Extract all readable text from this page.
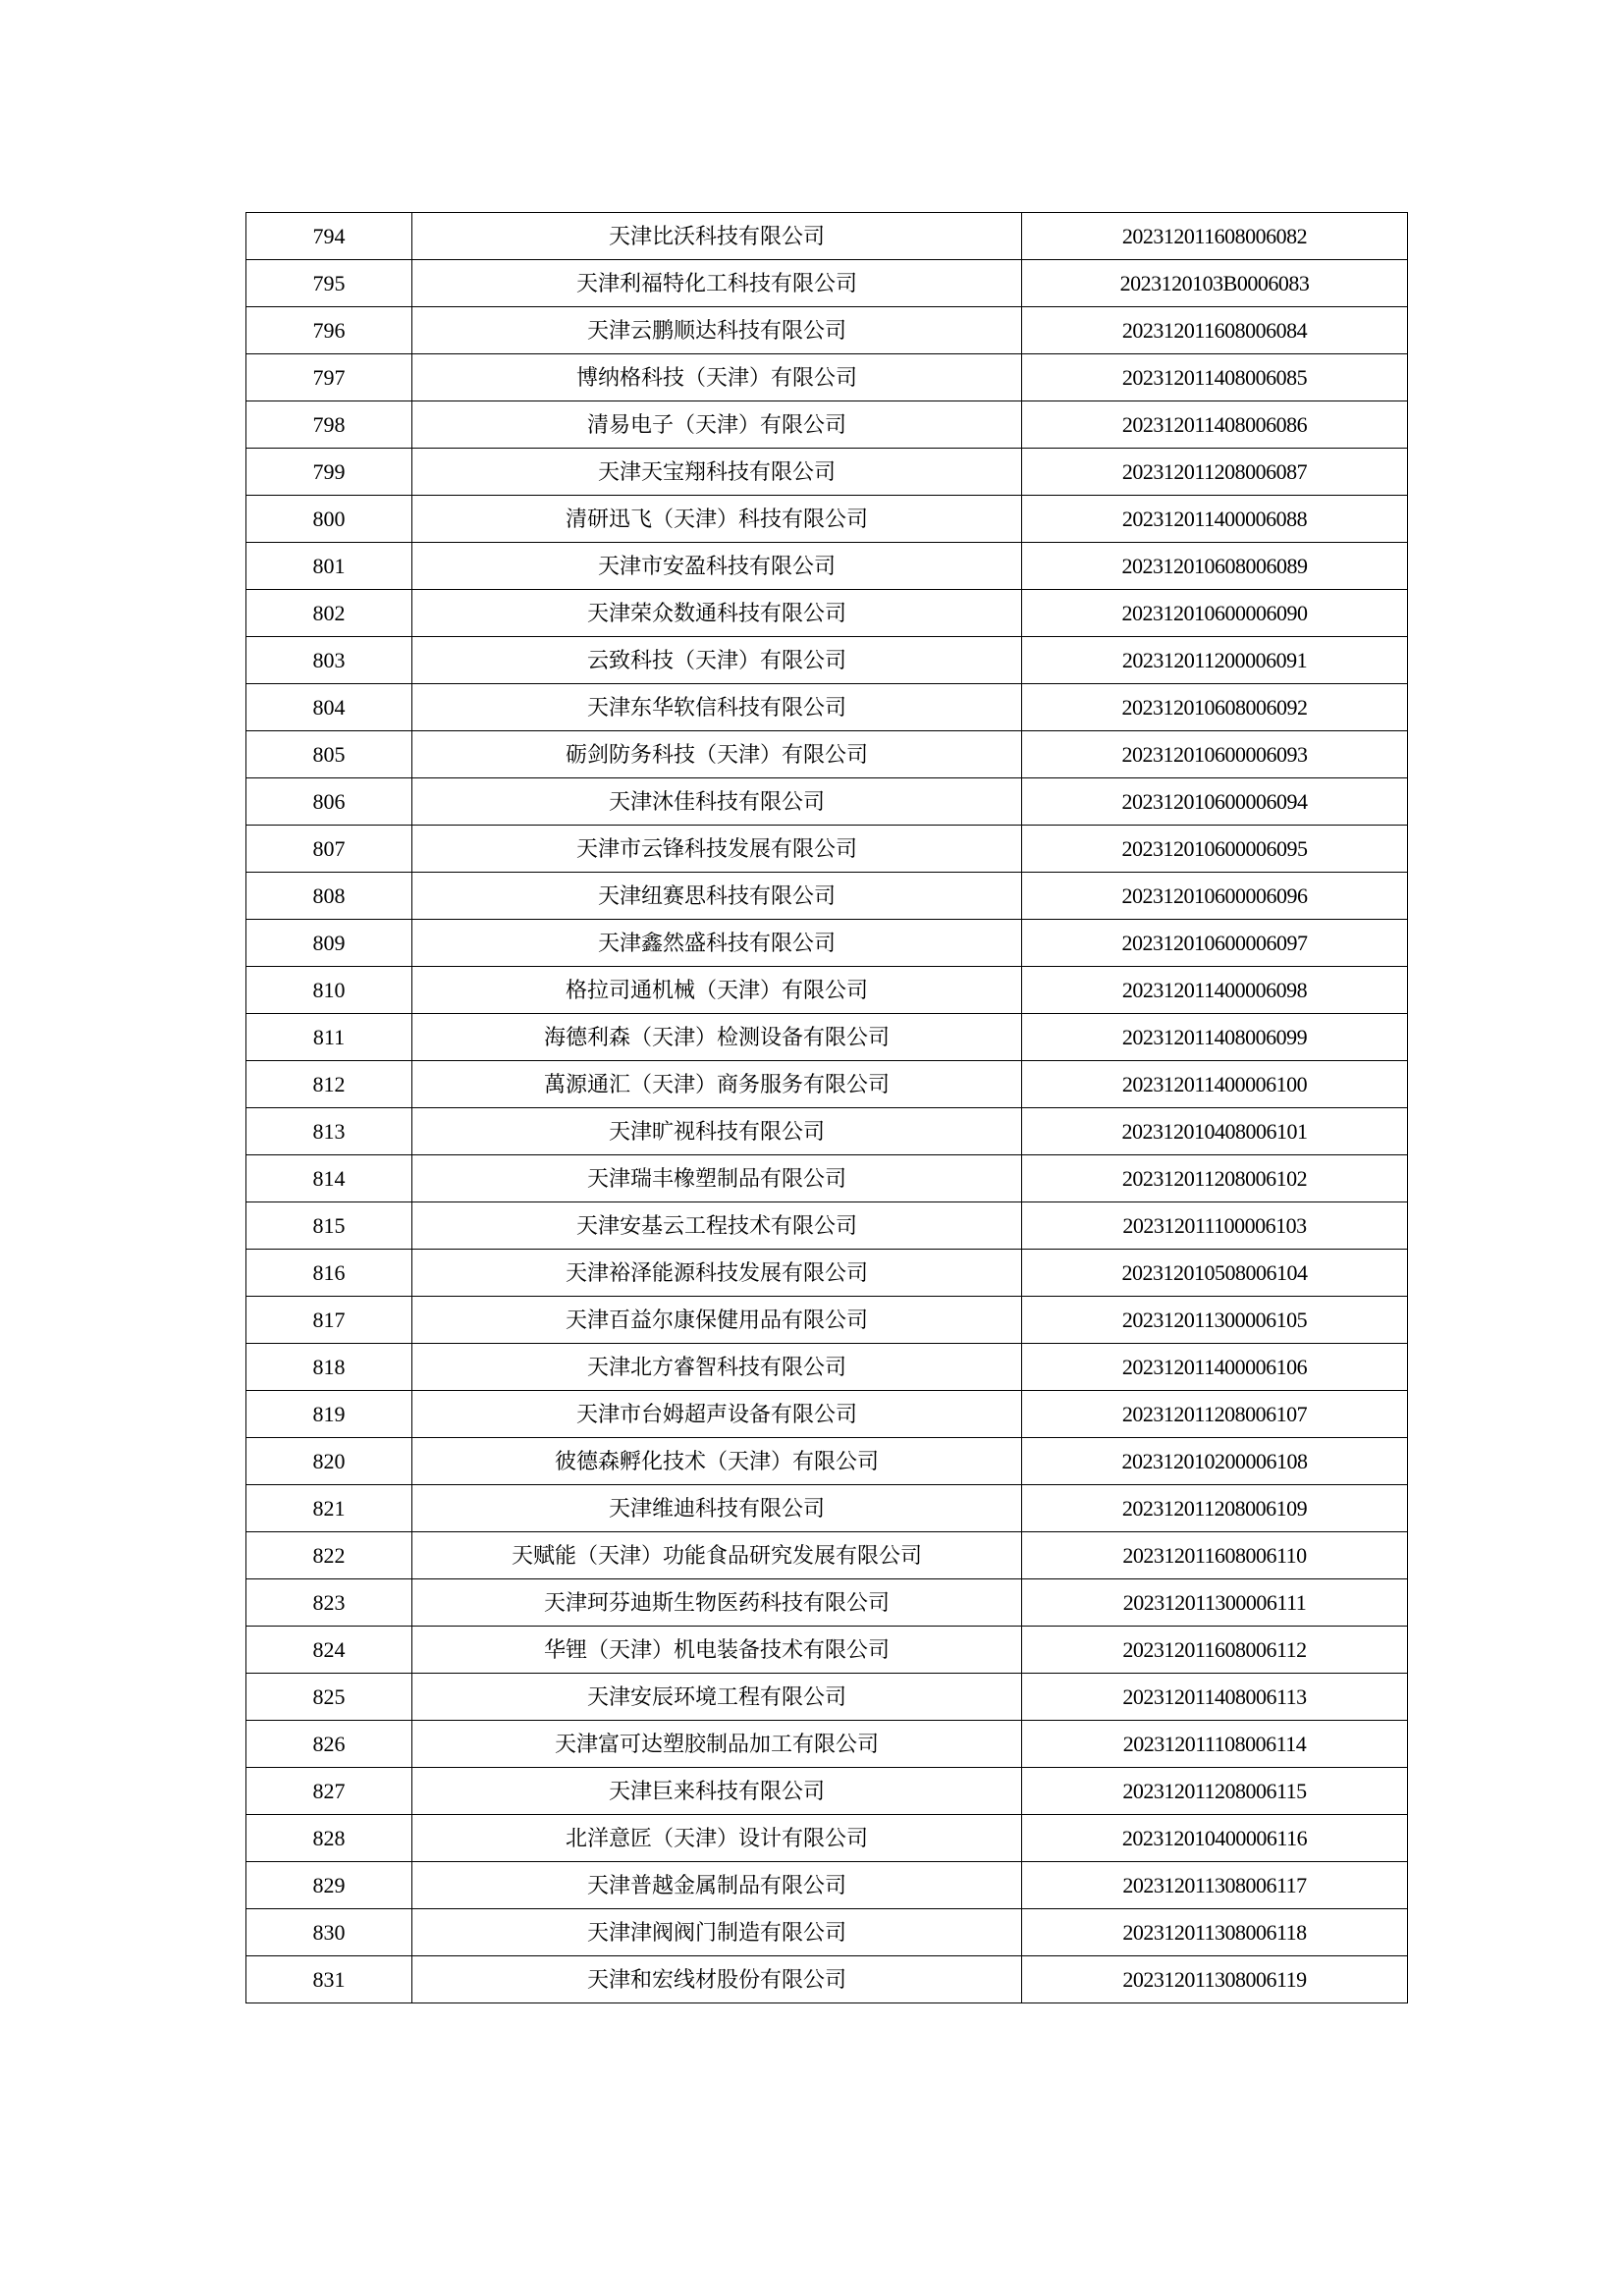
794	天津比沃科技有限公司	202312011608006082
795	天津利福特化工科技有限公司	2023120103B0006083
796	天津云鹏顺达科技有限公司	202312011608006084
797	博纳格科技（天津）有限公司	202312011408006085
798	清易电子（天津）有限公司	202312011408006086
799	天津天宝翔科技有限公司	202312011208006087
800	清研迅飞（天津）科技有限公司	202312011400006088
801	天津市安盈科技有限公司	202312010608006089
802	天津荣众数通科技有限公司	202312010600006090
803	云致科技（天津）有限公司	202312011200006091
804	天津东华软信科技有限公司	202312010608006092
805	砺剑防务科技（天津）有限公司	202312010600006093
806	天津沐佳科技有限公司	202312010600006094
807	天津市云锋科技发展有限公司	202312010600006095
808	天津纽赛思科技有限公司	202312010600006096
809	天津鑫然盛科技有限公司	202312010600006097
810	格拉司通机械（天津）有限公司	202312011400006098
811	海德利森（天津）检测设备有限公司	202312011408006099
812	萬源通汇（天津）商务服务有限公司	202312011400006100
813	天津旷视科技有限公司	202312010408006101
814	天津瑞丰橡塑制品有限公司	202312011208006102
815	天津安基云工程技术有限公司	202312011100006103
816	天津裕泽能源科技发展有限公司	202312010508006104
817	天津百益尔康保健用品有限公司	202312011300006105
818	天津北方睿智科技有限公司	202312011400006106
819	天津市台姆超声设备有限公司	202312011208006107
820	彼德森孵化技术（天津）有限公司	202312010200006108
821	天津维迪科技有限公司	202312011208006109
822	天赋能（天津）功能食品研究发展有限公司	202312011608006110
823	天津珂芬迪斯生物医药科技有限公司	202312011300006111
824	华锂（天津）机电装备技术有限公司	202312011608006112
825	天津安辰环境工程有限公司	202312011408006113
826	天津富可达塑胶制品加工有限公司	202312011108006114
827	天津巨来科技有限公司	202312011208006115
828	北洋意匠（天津）设计有限公司	202312010400006116
829	天津普越金属制品有限公司	202312011308006117
830	天津津阀阀门制造有限公司	202312011308006118
831	天津和宏线材股份有限公司	202312011308006119
